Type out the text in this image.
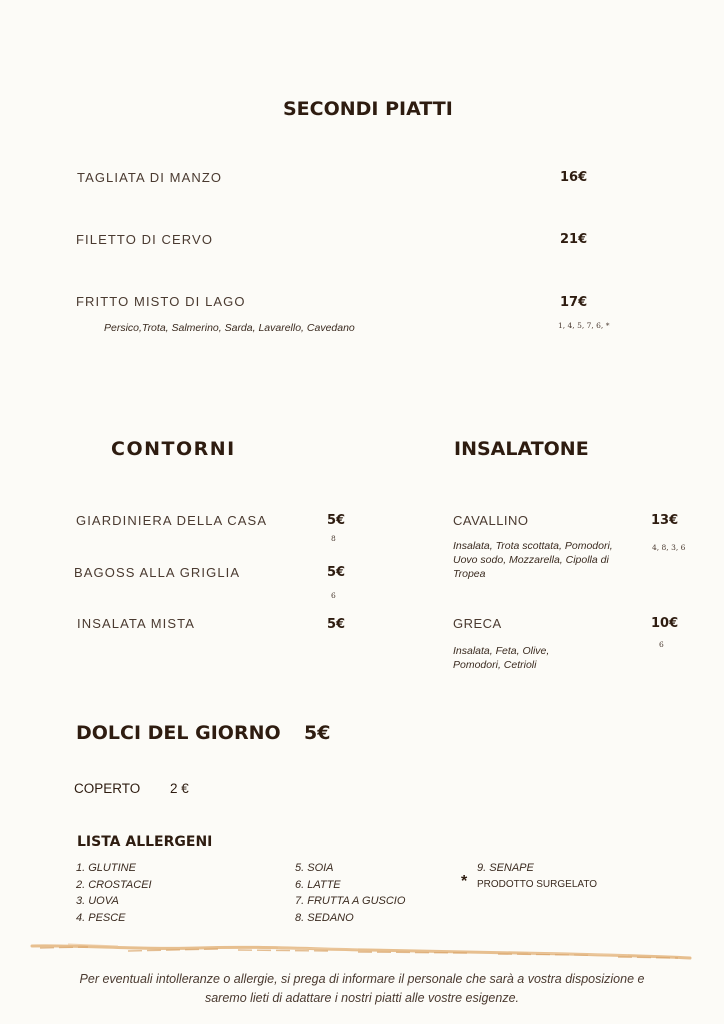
SECONDI PIATTI
TAGLIATA DI MANZO	16€
FILETTO DI CERVO	21€
FRITTO MISTO DI LAGO	17€
Persico,Trota, Salmerino, Sarda, Lavarello, Cavedano	1, 4, 5, 7, 6, *
CONTORNI
GIARDINIERA DELLA CASA	5€
8
BAGOSS ALLA GRIGLIA	5€
6
INSALATA MISTA	5€
INSALATONE
CAVALLINO	13€
Insalata, Trota scottata, Pomodori,
Uovo sodo, Mozzarella, Cipolla di
Tropea
4, 8, 3, 6
GRECA	10€
Insalata, Feta, Olive,
Pomodori, Cetrioli
6
DOLCI DEL GIORNO 5€
COPERTO 2 €
LISTA ALLERGENI
1. GLUTINE
2. CROSTACEI
3. UOVA
4. PESCE
5. SOIA
6. LATTE
7. FRUTTA A GUSCIO
8. SEDANO
9. SENAPE
* PRODOTTO SURGELATO
Per eventuali intolleranze o allergie, si prega di informare il personale che sarà a vostra disposizione e
saremo lieti di adattare i nostri piatti alle vostre esigenze.
